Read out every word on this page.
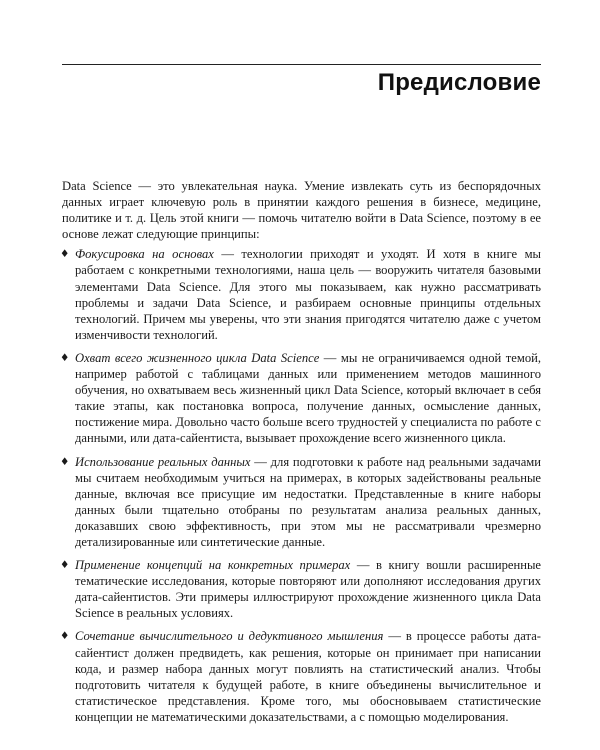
Предисловие

Data Science — это увлекательная наука. Умение извлекать суть из беспорядочных данных играет ключевую роль в принятии каждого решения в бизнесе, медицине, политике и т. д. Цель этой книги — помочь читателю войти в Data Science, поэтому в ее основе лежат следующие принципы:

♦ Фокусировка на основах — технологии приходят и уходят. И хотя в книге мы работаем с конкретными технологиями, наша цель — вооружить читателя базовыми элементами Data Science. Для этого мы показываем, как нужно рассматривать проблемы и задачи Data Science, и разбираем основные принципы отдельных технологий. Причем мы уверены, что эти знания пригодятся читателю даже с учетом изменчивости технологий.
♦ Охват всего жизненного цикла Data Science — мы не ограничиваемся одной темой, например работой с таблицами данных или применением методов машинного обучения, но охватываем весь жизненный цикл Data Science, который включает в себя такие этапы, как постановка вопроса, получение данных, осмысление данных, постижение мира. Довольно часто больше всего трудностей у специалиста по работе с данными, или дата-сайентиста, вызывает прохождение всего жизненного цикла.
♦ Использование реальных данных — для подготовки к работе над реальными задачами мы считаем необходимым учиться на примерах, в которых задействованы реальные данные, включая все присущие им недостатки. Представленные в книге наборы данных были тщательно отобраны по результатам анализа реальных данных, доказавших свою эффективность, при этом мы не рассматривали чрезмерно детализированные или синтетические данные.
♦ Применение концепций на конкретных примерах — в книгу вошли расширенные тематические исследования, которые повторяют или дополняют исследования других дата-сайентистов. Эти примеры иллюстрируют прохождение жизненного цикла Data Science в реальных условиях.
♦ Сочетание вычислительного и дедуктивного мышления — в процессе работы дата-сайентист должен предвидеть, как решения, которые он принимает при написании кода, и размер набора данных могут повлиять на статистический анализ. Чтобы подготовить читателя к будущей работе, в книге объединены вычислительное и статистическое представления. Кроме того, мы обосновываем статистические концепции не математическими доказательствами, а с помощью моделирования.
